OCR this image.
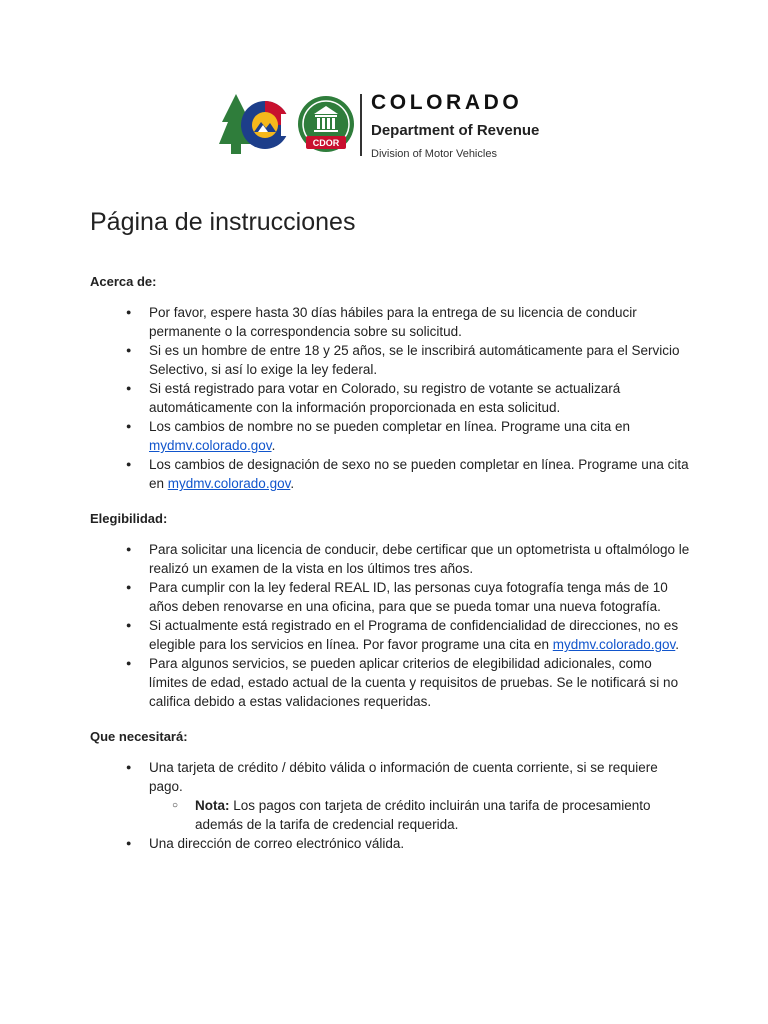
CDOR
COLORADO
Department of Revenue
Division of Motor Vehicles
Página de instrucciones
Acerca de:
● Por favor, espere hasta 30 días hábiles para la entrega de su licencia de conducir permanente o la correspondencia sobre su solicitud.
● Si es un hombre de entre 18 y 25 años, se le inscribirá automáticamente para el Servicio Selectivo, si así lo exige la ley federal.
● Si está registrado para votar en Colorado, su registro de votante se actualizará automáticamente con la información proporcionada en esta solicitud.
● Los cambios de nombre no se pueden completar en línea. Programe una cita en mydmv.colorado.gov.
● Los cambios de designación de sexo no se pueden completar en línea. Programe una cita en mydmv.colorado.gov.
Elegibilidad:
● Para solicitar una licencia de conducir, debe certificar que un optometrista u oftalmólogo le realizó un examen de la vista en los últimos tres años.
● Para cumplir con la ley federal REAL ID, las personas cuya fotografía tenga más de 10 años deben renovarse en una oficina, para que se pueda tomar una nueva fotografía.
● Si actualmente está registrado en el Programa de confidencialidad de direcciones, no es elegible para los servicios en línea. Por favor programe una cita en mydmv.colorado.gov.
● Para algunos servicios, se pueden aplicar criterios de elegibilidad adicionales, como límites de edad, estado actual de la cuenta y requisitos de pruebas. Se le notificará si no califica debido a estas validaciones requeridas.
Que necesitará:
● Una tarjeta de crédito / débito válida o información de cuenta corriente, si se requiere pago.
○ Nota: Los pagos con tarjeta de crédito incluirán una tarifa de procesamiento además de la tarifa de credencial requerida.
● Una dirección de correo electrónico válida.
